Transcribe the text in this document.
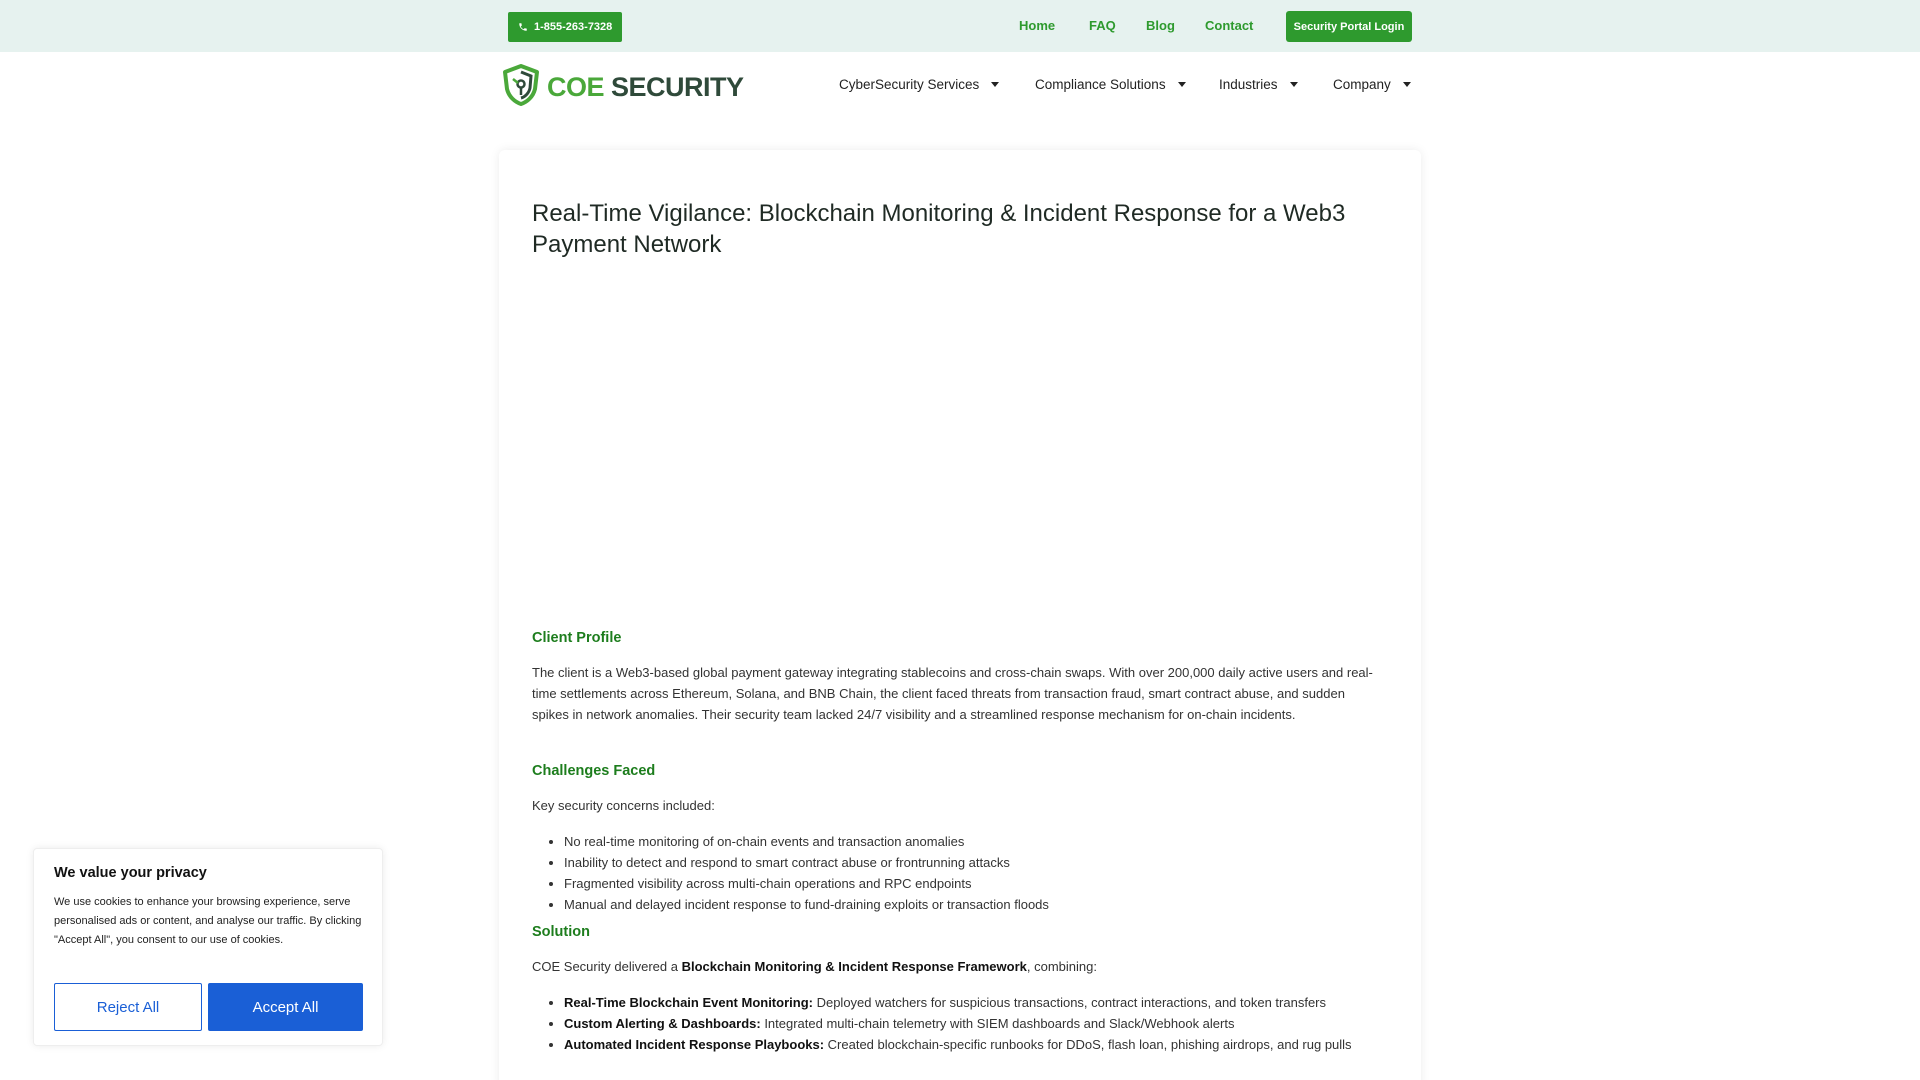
1-855-263-7328	Home	FAQ Blog Contact	Security Portal Login
COE SECURITY	CyberSecurity Services	Compliance Solutions	Industries	Company
Real-Time Vigilance: Blockchain Monitoring & Incident Response for a Web3 Payment Network
Client Profile

The client is a Web3-based global payment gateway integrating stablecoins and cross-chain swaps. With over 200,000 daily active users and real-time settlements across Ethereum, Solana, and BNB Chain, the client faced threats from transaction fraud, smart contract abuse, and sudden spikes in network anomalies. Their security team lacked 24/7 visibility and a streamlined response mechanism for on-chain incidents.

Challenges Faced

Key security concerns included:

• No real-time monitoring of on-chain events and transaction anomalies
• Inability to detect and respond to smart contract abuse or frontrunning attacks
• Fragmented visibility across multi-chain operations and RPC endpoints
• Manual and delayed incident response to fund-draining exploits or transaction floods
Solution

COE Security delivered a Blockchain Monitoring & Incident Response Framework, combining:

• Real-Time Blockchain Event Monitoring: Deployed watchers for suspicious transactions, contract interactions, and token transfers
• Custom Alerting & Dashboards: Integrated multi-chain telemetry with SIEM dashboards and Slack/Webhook alerts
• Automated Incident Response Playbooks: Created blockchain-specific runbooks for DDoS, flash loan, phishing airdrops, and rug pulls
We value your privacy
We use cookies to enhance your browsing experience, serve personalised ads or content, and analyse our traffic. By clicking "Accept All", you consent to our use of cookies.
Reject All	Accept All
